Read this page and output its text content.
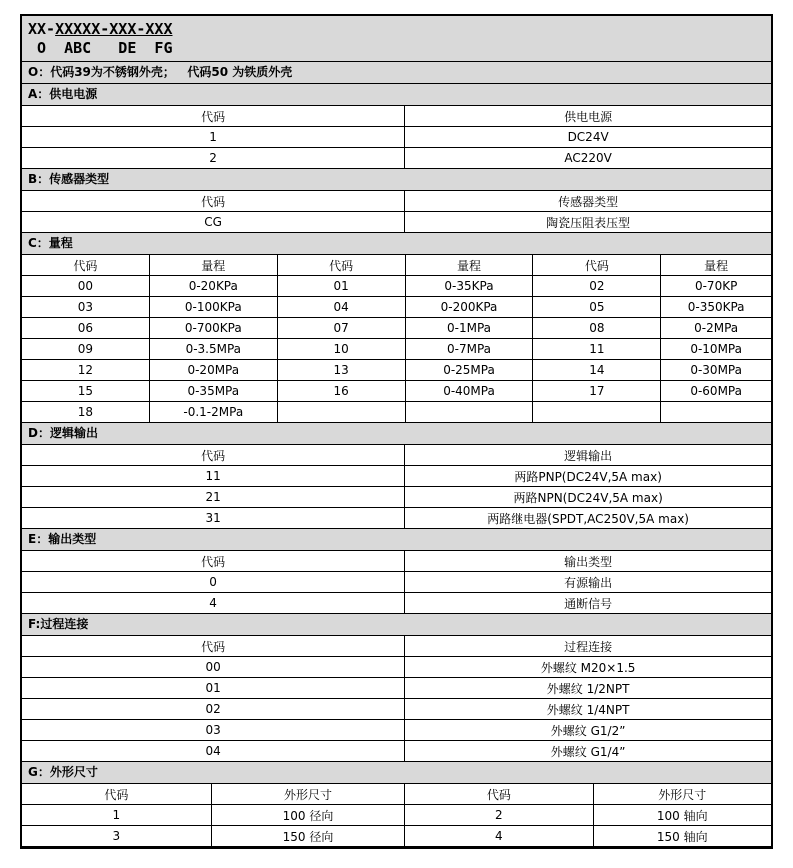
XX-XXXXX-XXX-XXX
O  ABC   DE  FG
O：代码39为不锈钢外壳；   代码50 为铁质外壳
A：供电电源
代码	供电电源
1	DC24V
2	AC220V
B：传感器类型
代码	传感器类型
CG	陶瓷压阻表压型
C：量程
代码	量程	代码	量程	代码	量程
00	0-20KPa	01	0-35KPa	02	0-70KP
03	0-100KPa	04	0-200KPa	05	0-350KPa
06	0-700KPa	07	0-1MPa	08	0-2MPa
09	0-3.5MPa	10	0-7MPa	11	0-10MPa
12	0-20MPa	13	0-25MPa	14	0-30MPa
15	0-35MPa	16	0-40MPa	17	0-60MPa
18	-0.1-2MPa				
D：逻辑输出
代码	逻辑输出
11	两路PNP(DC24V,5A max)
21	两路NPN(DC24V,5A max)
31	两路继电器(SPDT,AC250V,5A max)
E：输出类型
代码	输出类型
0	有源输出
4	通断信号
F:过程连接
代码	过程连接
00	外螺纹 M20×1.5
01	外螺纹 1/2NPT
02	外螺纹 1/4NPT
03	外螺纹 G1/2”
04	外螺纹 G1/4”
G：外形尺寸
代码	外形尺寸	代码	外形尺寸
1	100 径向	2	100 轴向
3	150 径向	4	150 轴向
